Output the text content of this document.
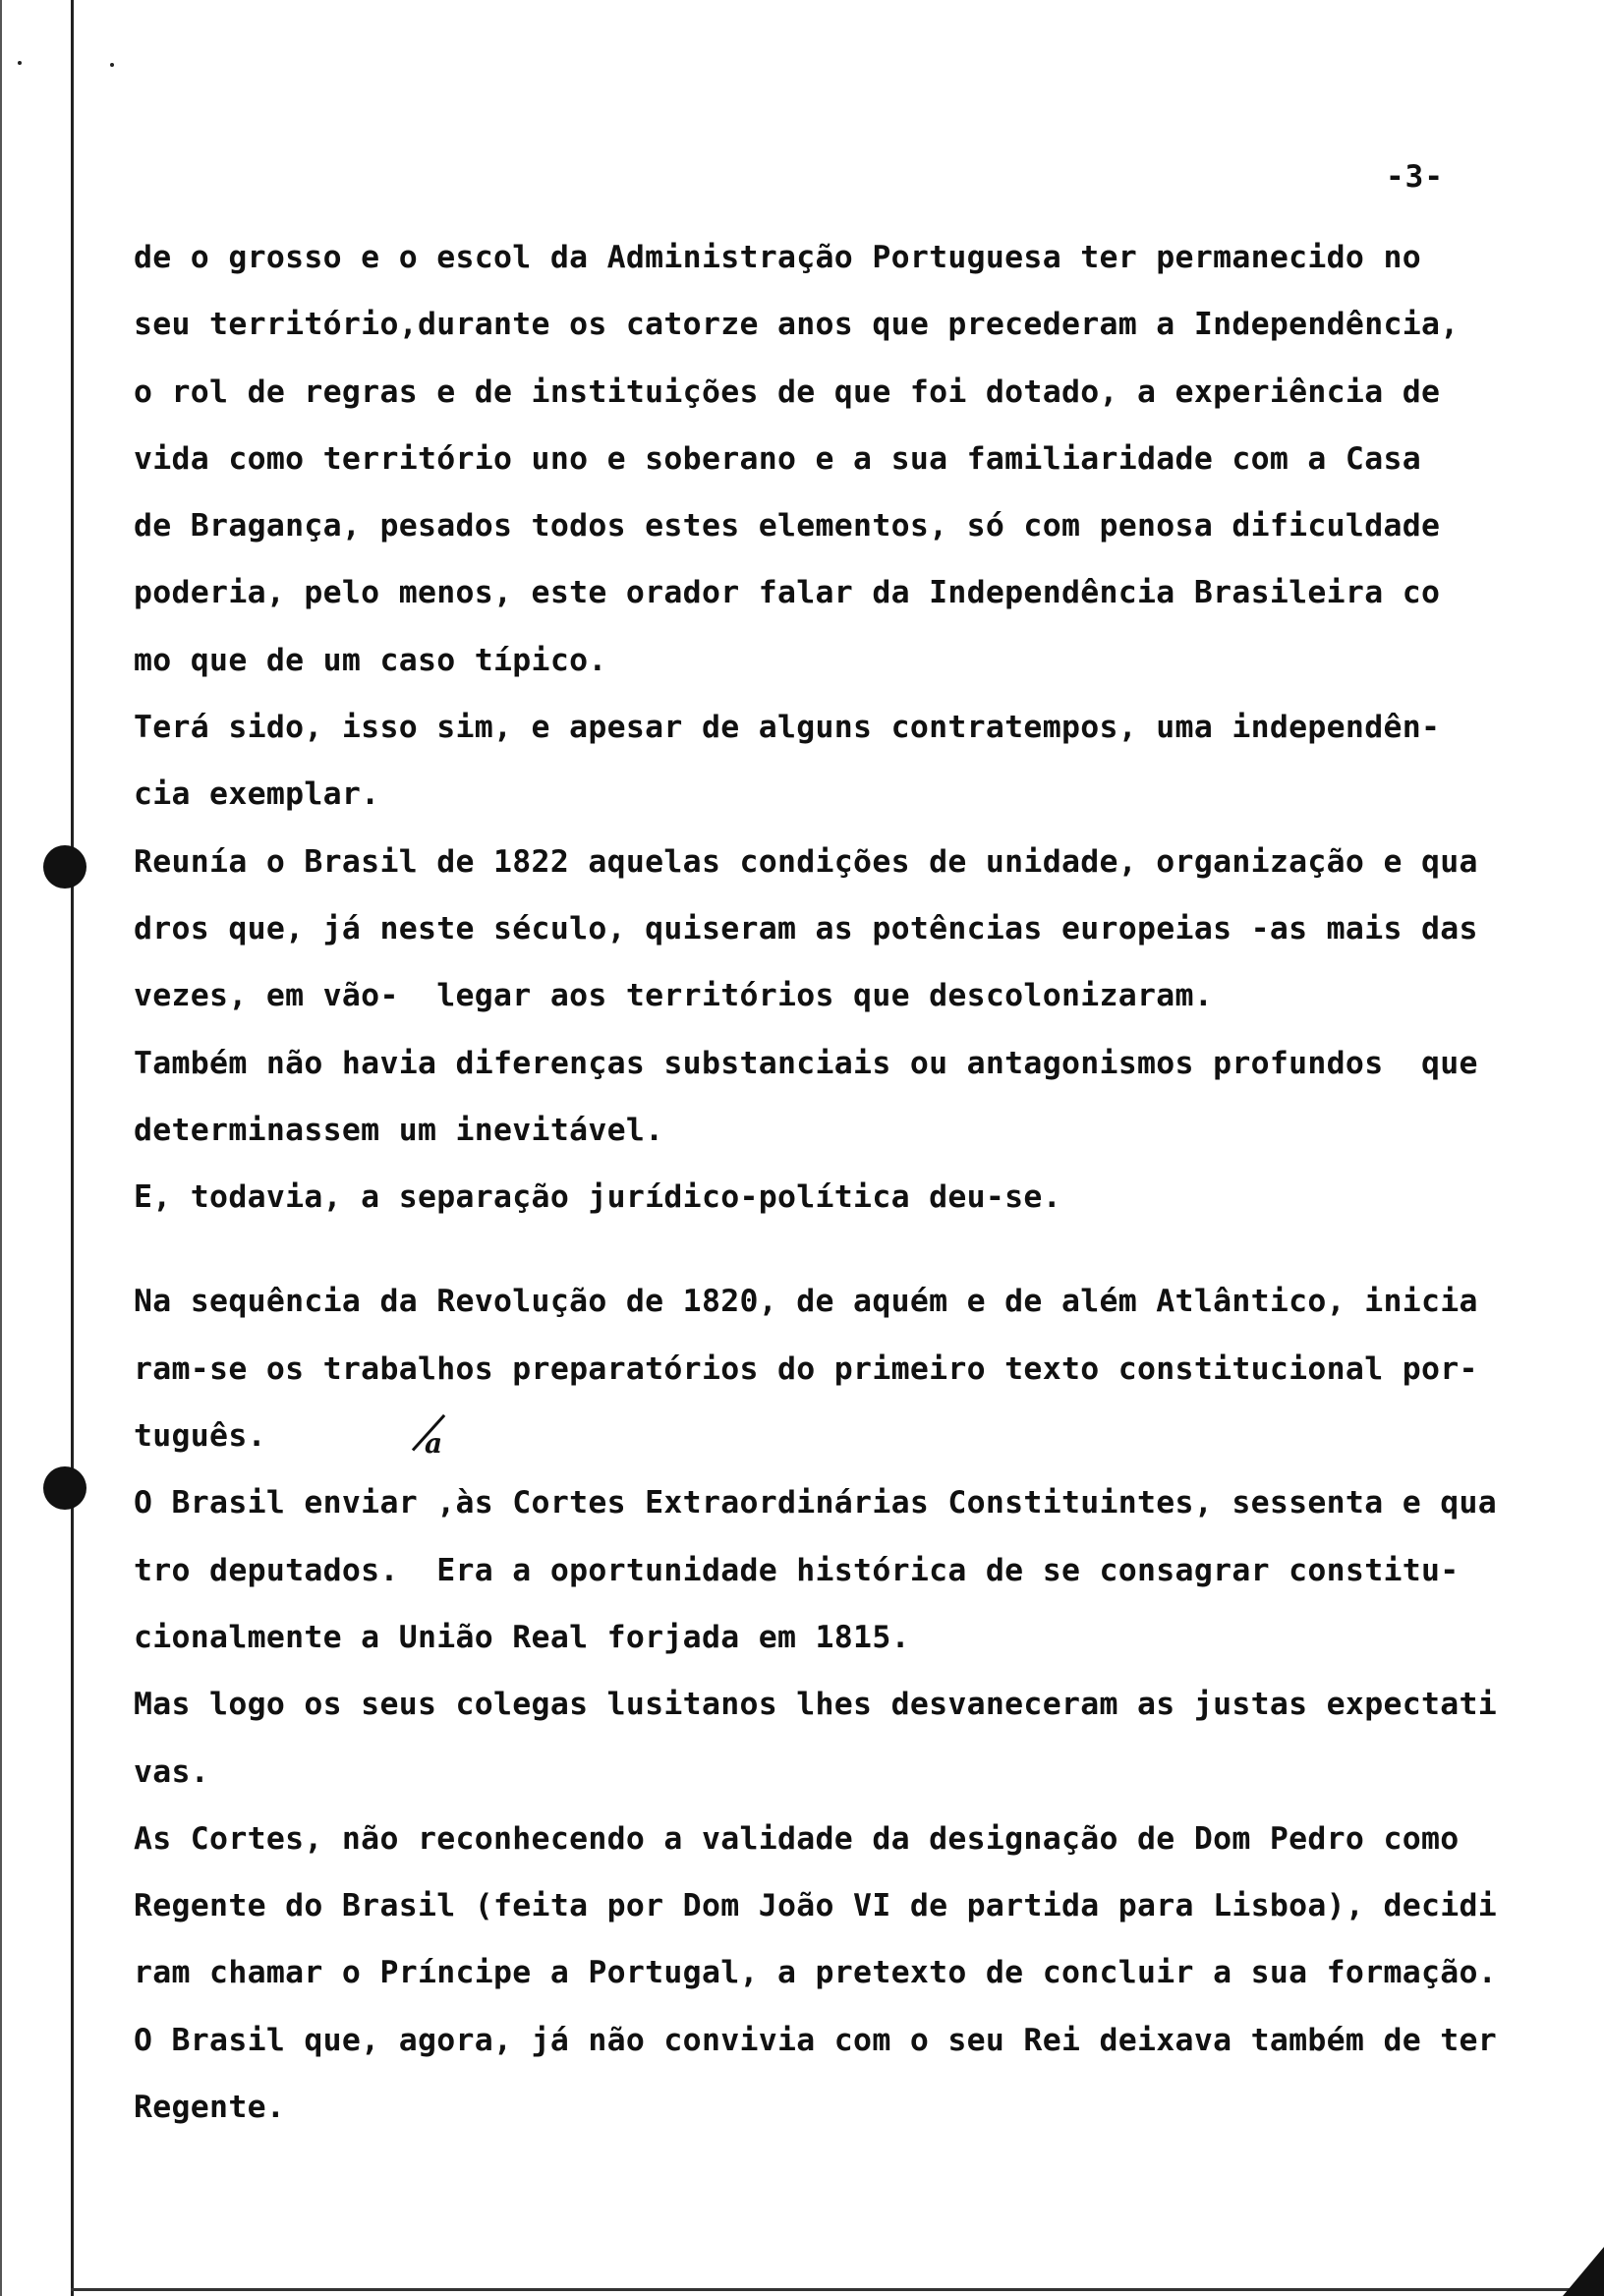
-3-
de o grosso e o escol da Administração Portuguesa ter permanecido no
seu território,durante os catorze anos que precederam a Independência,
o rol de regras e de instituições de que foi dotado, a experiência de
vida como território uno e soberano e a sua familiaridade com a Casa
de Bragança, pesados todos estes elementos, só com penosa dificuldade
poderia, pelo menos, este orador falar da Independência Brasileira co
mo que de um caso típico.
Terá sido, isso sim, e apesar de alguns contratempos, uma independên-
cia exemplar.
Reunía o Brasil de 1822 aquelas condições de unidade, organização e qua
dros que, já neste século, quiseram as potências europeias -as mais das
vezes, em vão-  legar aos territórios que descolonizaram.
Também não havia diferenças substanciais ou antagonismos profundos  que
determinassem um inevitável.
E, todavia, a separação jurídico-política deu-se.
Na sequência da Revolução de 1820, de aquém e de além Atlântico, inicia
ram-se os trabalhos preparatórios do primeiro texto constitucional por-
tuguês.
O Brasil enviar ,às Cortes Extraordinárias Constituintes, sessenta e qua
tro deputados.  Era a oportunidade histórica de se consagrar constitu-
cionalmente a União Real forjada em 1815.
Mas logo os seus colegas lusitanos lhes desvaneceram as justas expectati
vas.
As Cortes, não reconhecendo a validade da designação de Dom Pedro como
Regente do Brasil (feita por Dom João VI de partida para Lisboa), decidi
ram chamar o Príncipe a Portugal, a pretexto de concluir a sua formação.
O Brasil que, agora, já não convivia com o seu Rei deixava também de ter
Regente.
a
